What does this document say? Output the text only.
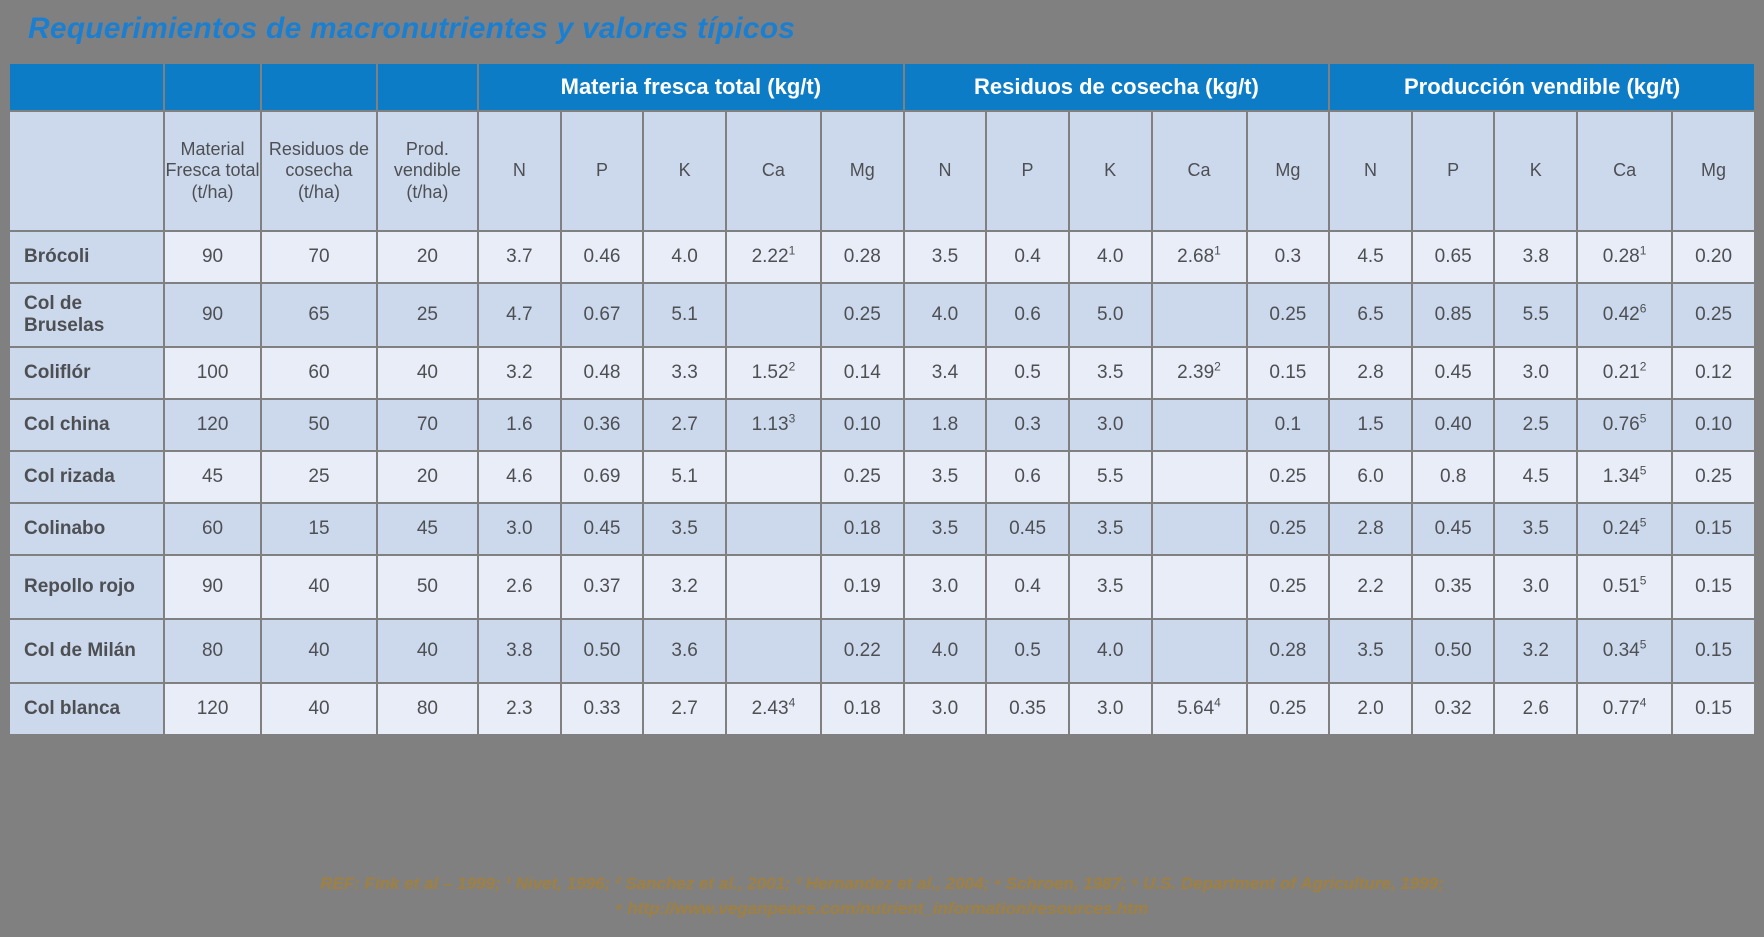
Requerimientos de macronutrientes y valores típicos
				Materia fresca total (kg/t)					Residuos de cosecha (kg/t)					Producción vendible (kg/t)				
	Material Fresca total (t/ha)	Residuos de cosecha (t/ha)	Prod. vendible (t/ha)	N	P	K	Ca	Mg	N	P	K	Ca	Mg	N	P	K	Ca	Mg
Brócoli	90	70	20	3.7	0.46	4.0	2.22$^1$	0.28	3.5	0.4	4.0	2.68$^1$	0.3	4.5	0.65	3.8	0.28$^1$	0.20
Col de Bruselas	90	65	25	4.7	0.67	5.1		0.25	4.0	0.6	5.0		0.25	6.5	0.85	5.5	0.42$^6$	0.25
Coliflór	100	60	40	3.2	0.48	3.3	1.52$^2$	0.14	3.4	0.5	3.5	2.39$^2$	0.15	2.8	0.45	3.0	0.21$^2$	0.12
Col china	120	50	70	1.6	0.36	2.7	1.13$^3$	0.10	1.8	0.3	3.0		0.1	1.5	0.40	2.5	0.76$^5$	0.10
Col rizada	45	25	20	4.6	0.69	5.1		0.25	3.5	0.6	5.5		0.25	6.0	0.8	4.5	1.34$^5$	0.25
Colinabo	60	15	45	3.0	0.45	3.5		0.18	3.5	0.45	3.5		0.25	2.8	0.45	3.5	0.24$^5$	0.15
Repollo rojo	90	40	50	2.6	0.37	3.2		0.19	3.0	0.4	3.5		0.25	2.2	0.35	3.0	0.51$^5$	0.15
Col de Milán	80	40	40	3.8	0.50	3.6		0.22	4.0	0.5	4.0		0.28	3.5	0.50	3.2	0.34$^5$	0.15
Col blanca	120	40	80	2.3	0.33	2.7	2.43$^4$	0.18	3.0	0.35	3.0	5.64$^4$	0.25	2.0	0.32	2.6	0.77$^4$	0.15
REF: Fink et al – 1999; ¹ Nivet, 1996; ² Sanchez et al., 2001; ³ Hernandez et al., 2004; ⁴ Schroen, 1987; ⁵ U.S. Department of Agriculture, 1999;
⁶ http://www.veganpeace.com/nutrient_information/resources.htm
